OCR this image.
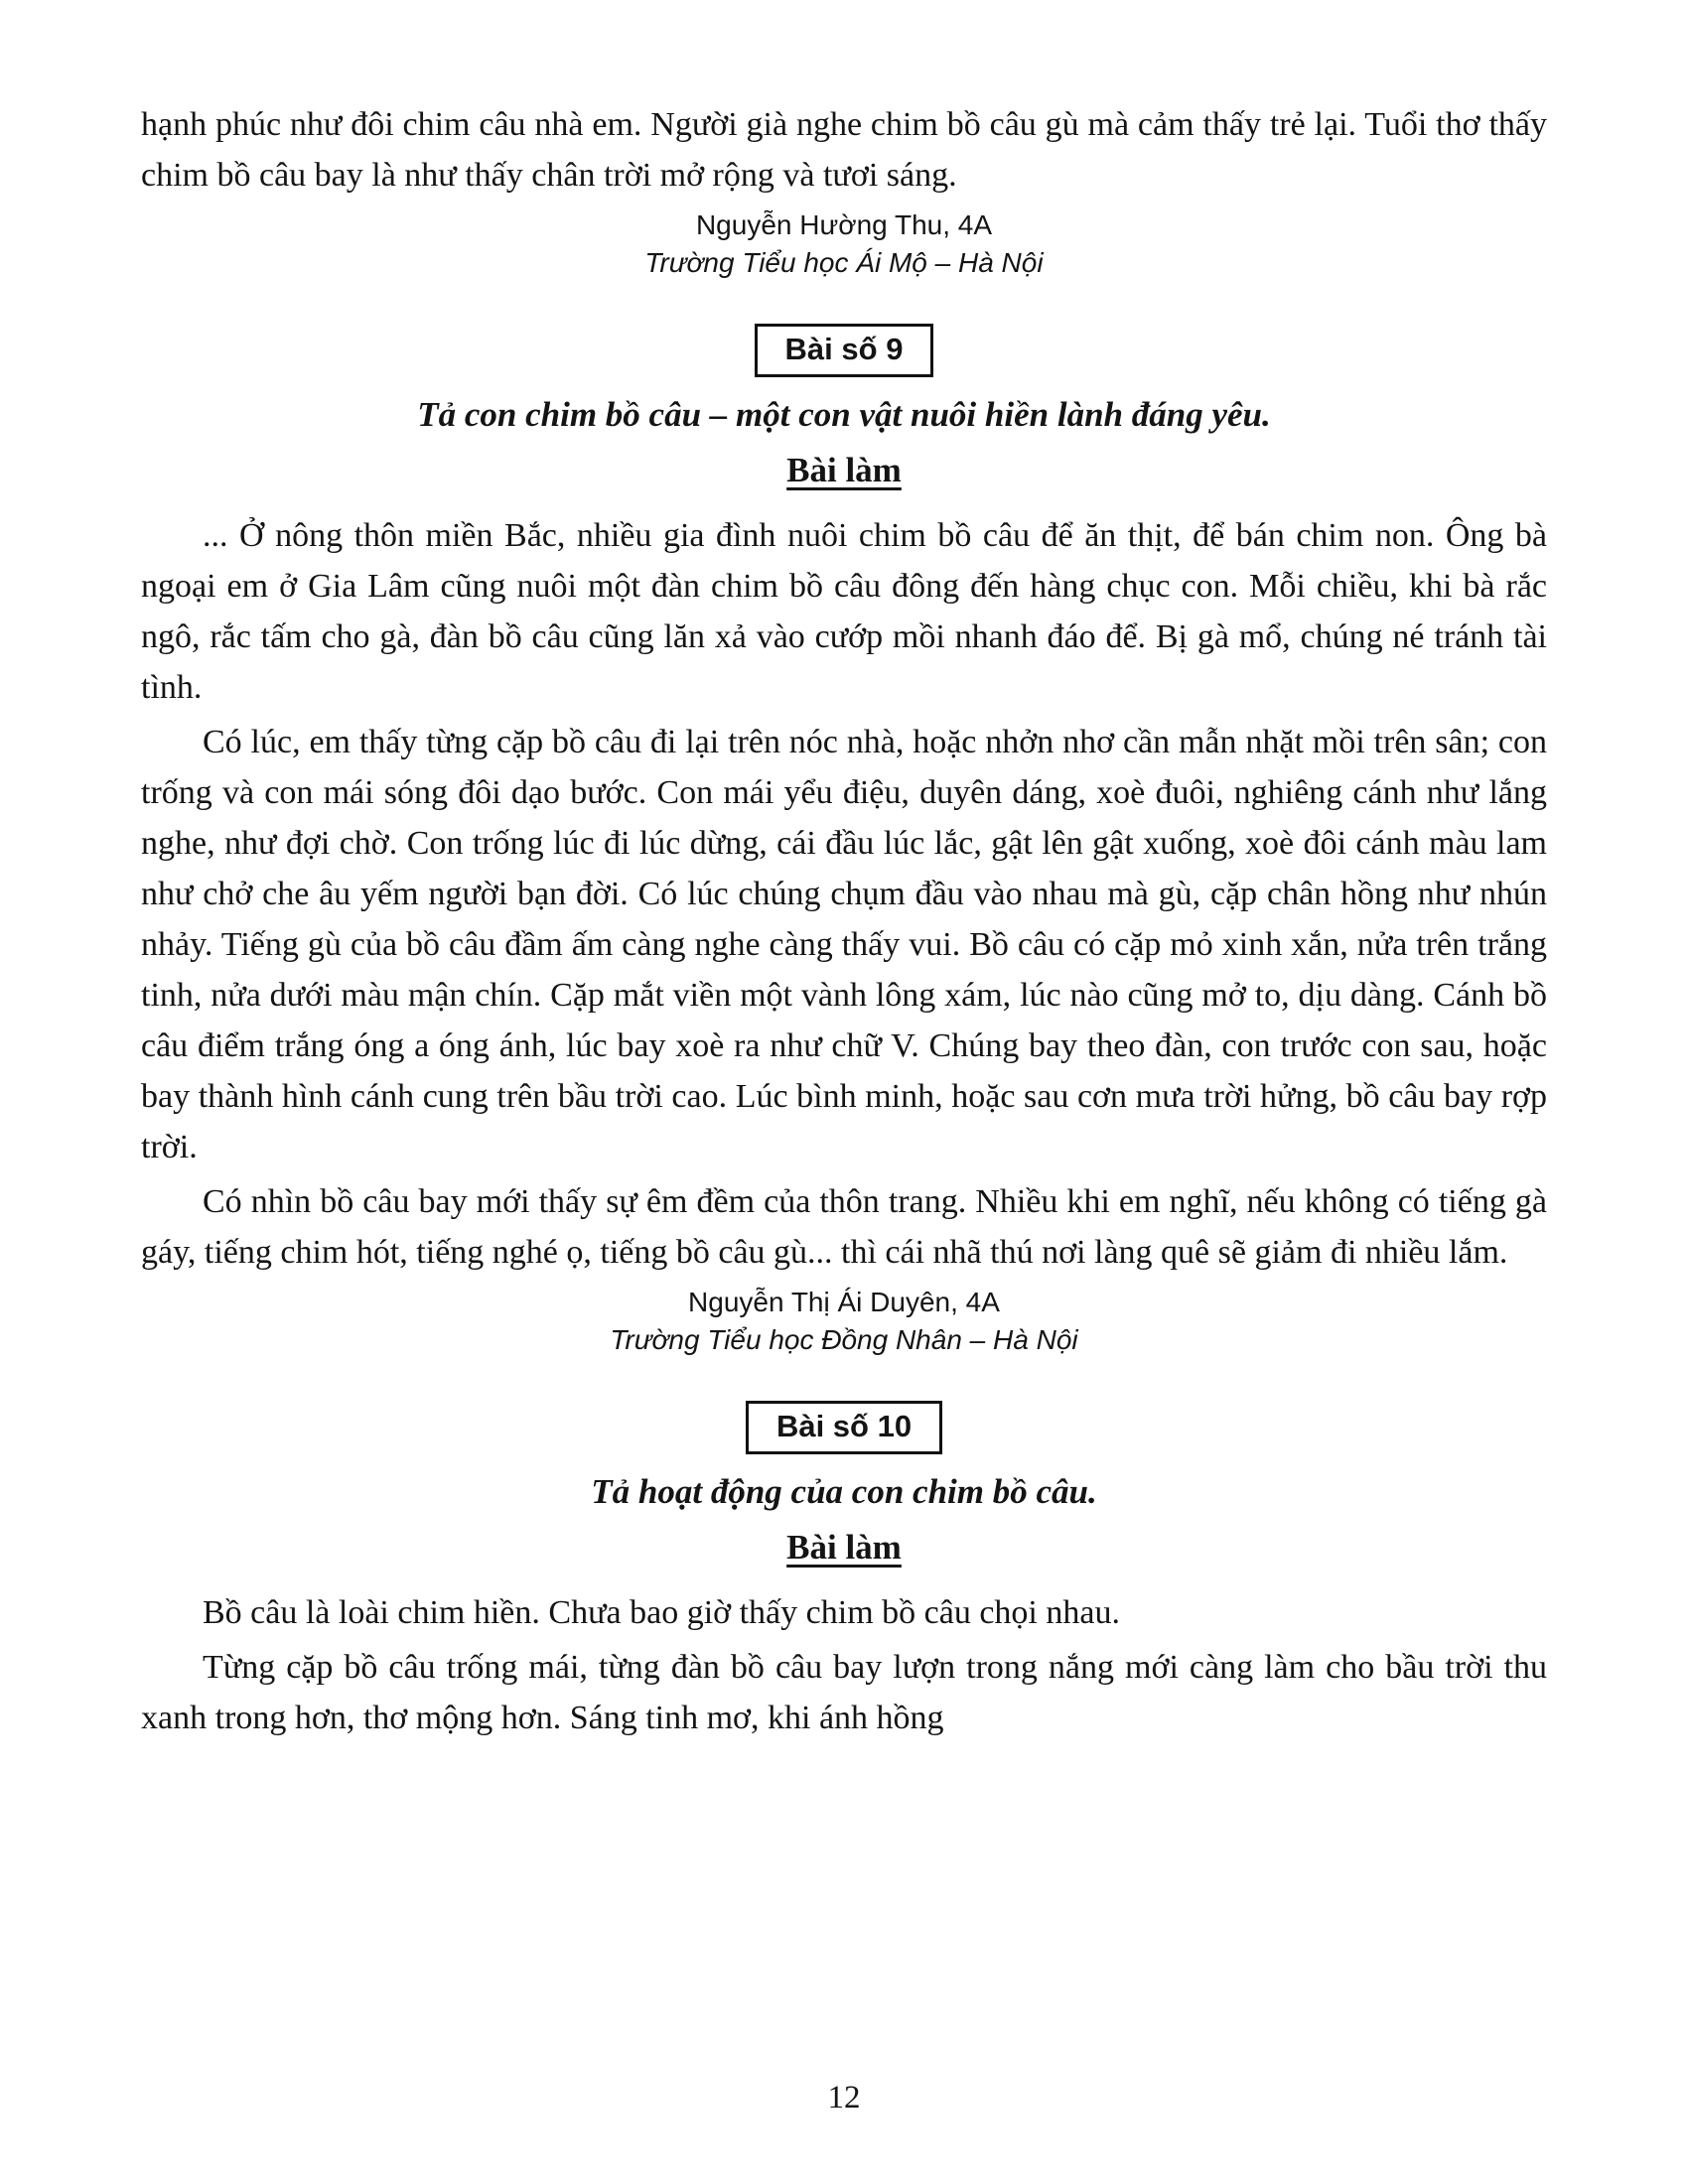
hạnh phúc như đôi chim câu nhà em. Người già nghe chim bồ câu gù mà cảm thấy trẻ lại. Tuổi thơ thấy chim bồ câu bay là như thấy chân trời mở rộng và tươi sáng.

Nguyễn Hường Thu, 4A
Trường Tiểu học Ái Mộ – Hà Nội
Bài số 9
Tả con chim bồ câu – một con vật nuôi hiền lành đáng yêu.
Bài làm

... Ở nông thôn miền Bắc, nhiều gia đình nuôi chim bồ câu để ăn thịt, để bán chim non. Ông bà ngoại em ở Gia Lâm cũng nuôi một đàn chim bồ câu đông đến hàng chục con. Mỗi chiều, khi bà rắc ngô, rắc tấm cho gà, đàn bồ câu cũng lăn xả vào cướp mồi nhanh đáo để. Bị gà mổ, chúng né tránh tài tình.

Có lúc, em thấy từng cặp bồ câu đi lại trên nóc nhà, hoặc nhởn nhơ cần mẫn nhặt mồi trên sân; con trống và con mái sóng đôi dạo bước. Con mái yểu điệu, duyên dáng, xoè đuôi, nghiêng cánh như lắng nghe, như đợi chờ. Con trống lúc đi lúc dừng, cái đầu lúc lắc, gật lên gật xuống, xoè đôi cánh màu lam như chở che âu yếm người bạn đời. Có lúc chúng chụm đầu vào nhau mà gù, cặp chân hồng như nhún nhảy. Tiếng gù của bồ câu đầm ấm càng nghe càng thấy vui. Bồ câu có cặp mỏ xinh xắn, nửa trên trắng tinh, nửa dưới màu mận chín. Cặp mắt viền một vành lông xám, lúc nào cũng mở to, dịu dàng. Cánh bồ câu điểm trắng óng a óng ánh, lúc bay xoè ra như chữ V. Chúng bay theo đàn, con trước con sau, hoặc bay thành hình cánh cung trên bầu trời cao. Lúc bình minh, hoặc sau cơn mưa trời hửng, bồ câu bay rợp trời.

Có nhìn bồ câu bay mới thấy sự êm đềm của thôn trang. Nhiều khi em nghĩ, nếu không có tiếng gà gáy, tiếng chim hót, tiếng nghé ọ, tiếng bồ câu gù... thì cái nhã thú nơi làng quê sẽ giảm đi nhiều lắm.

Nguyễn Thị Ái Duyên, 4A
Trường Tiểu học Đồng Nhân – Hà Nội
Bài số 10
Tả hoạt động của con chim bồ câu.
Bài làm

Bồ câu là loài chim hiền. Chưa bao giờ thấy chim bồ câu chọi nhau.

Từng cặp bồ câu trống mái, từng đàn bồ câu bay lượn trong nắng mới càng làm cho bầu trời thu xanh trong hơn, thơ mộng hơn. Sáng tinh mơ, khi ánh hồng

12
